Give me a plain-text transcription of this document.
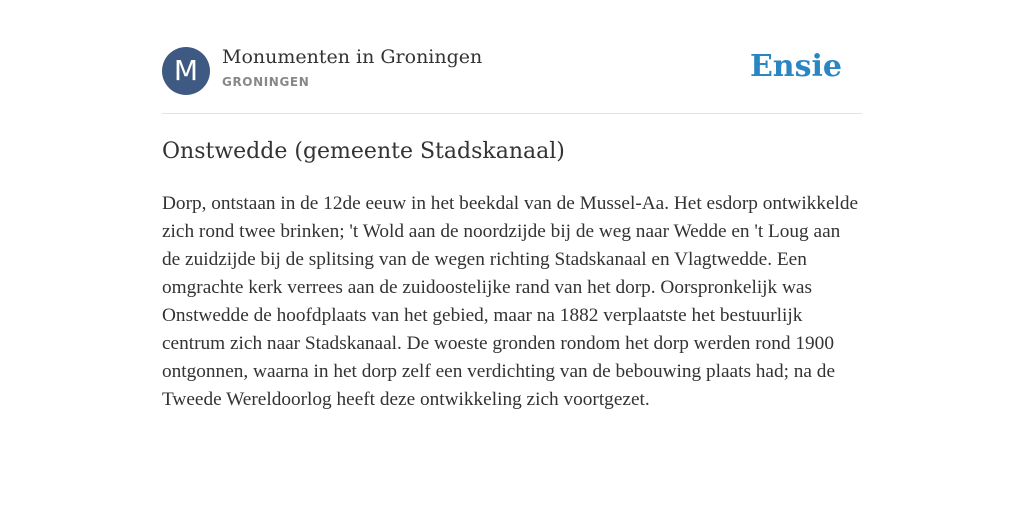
M	Monumenten in Groningen
GRONINGEN	Ensie
Onstwedde (gemeente Stadskanaal)

Dorp, ontstaan in de 12de eeuw in het beekdal van de Mussel-Aa. Het esdorp ontwikkelde zich rond twee brinken; 't Wold aan de noordzijde bij de weg naar Wedde en 't Loug aan de zuidzijde bij de splitsing van de wegen richting Stadskanaal en Vlagtwedde. Een omgrachte kerk verrees aan de zuidoostelijke rand van het dorp. Oorspronkelijk was Onstwedde de hoofdplaats van het gebied, maar na 1882 verplaatste het bestuurlijk centrum zich naar Stadskanaal. De woeste gronden rondom het dorp werden rond 1900 ontgonnen, waarna in het dorp zelf een verdichting van de bebouwing plaats had; na de Tweede Wereldoorlog heeft deze ontwikkeling zich voortgezet.
